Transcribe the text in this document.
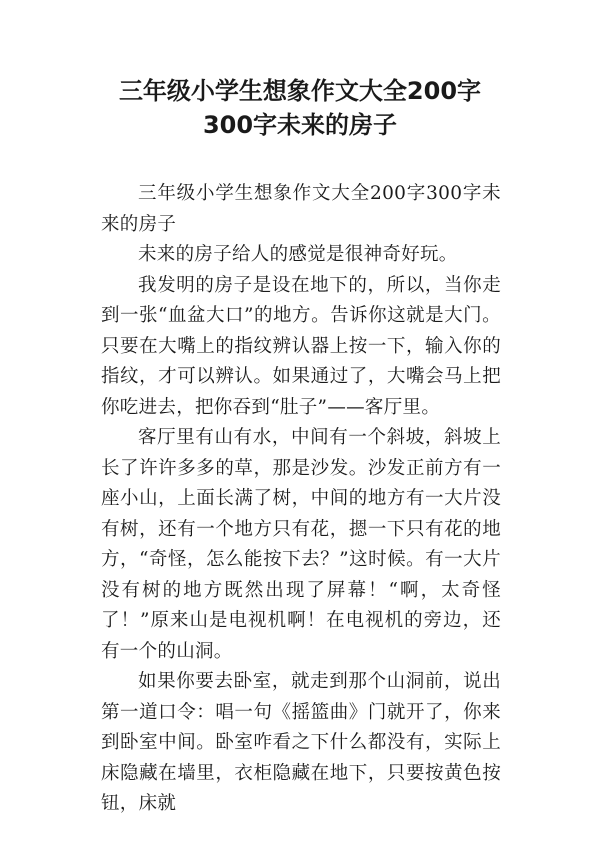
三年级小学生想象作文大全200字
300字未来的房子

三年级小学生想象作文大全200字300字未来的房子

未来的房子给人的感觉是很神奇好玩。

我发明的房子是设在地下的，所以，当你走到一张“血盆大口”的地方。告诉你这就是大门。只要在大嘴上的指纹辨认器上按一下，输入你的指纹，才可以辨认。如果通过了，大嘴会马上把你吃进去，把你吞到“肚子”——客厅里。

客厅里有山有水，中间有一个斜坡，斜坡上长了许许多多的草，那是沙发。沙发正前方有一座小山，上面长满了树，中间的地方有一大片没有树，还有一个地方只有花，摁一下只有花的地方，“奇怪，怎么能按下去？”这时候。有一大片没有树的地方既然出现了屏幕！“啊，太奇怪了！”原来山是电视机啊！在电视机的旁边，还有一个的山洞。

如果你要去卧室，就走到那个山洞前，说出第一道口令：唱一句《摇篮曲》门就开了，你来到卧室中间。卧室咋看之下什么都没有，实际上床隐藏在墙里，衣柜隐藏在地下，只要按黄色按钮，床就
